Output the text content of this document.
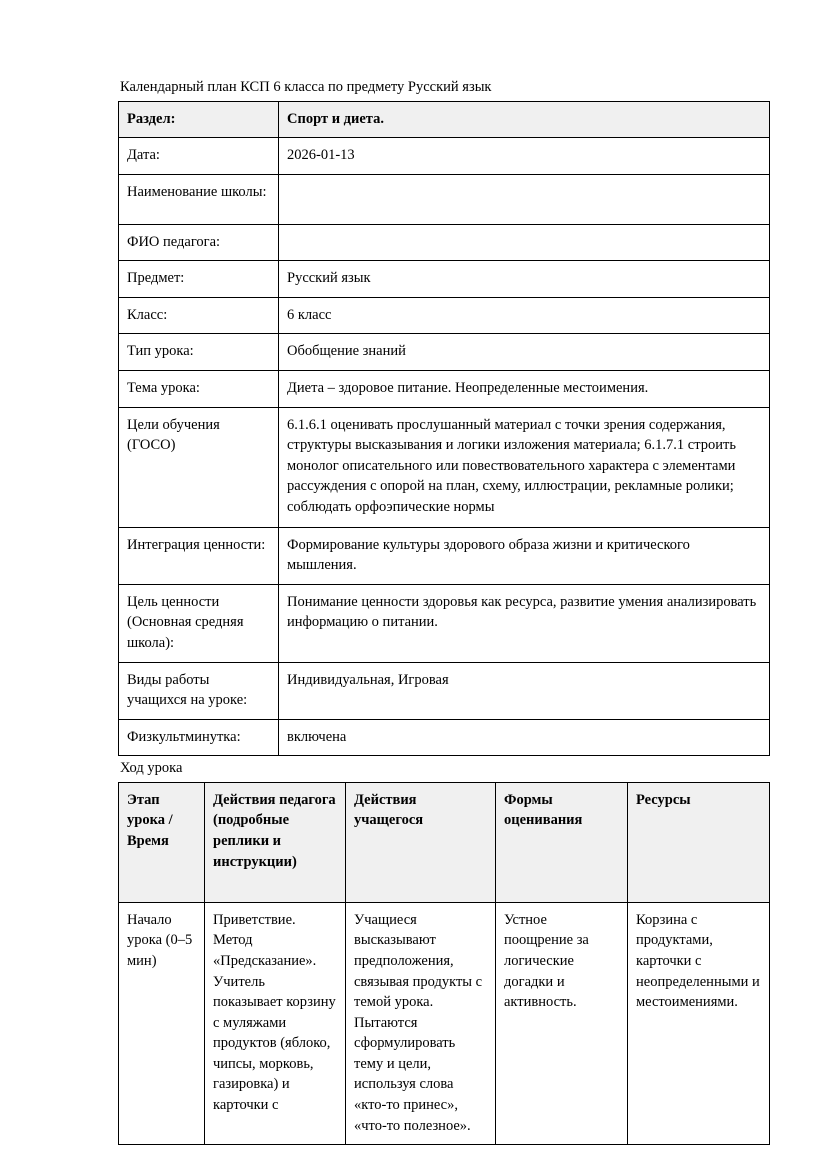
Календарный план КСП 6 класса по предмету Русский язык
Раздел:	Спорт и диета.
Дата:	2026-01-13
Наименование школы:	
ФИО педагога:	
Предмет:	Русский язык
Класс:	6 класс
Тип урока:	Обобщение знаний
Тема урока:	Диета – здоровое питание. Неопределенные местоимения.
Цели обучения (ГОСО)	6.1.6.1 оценивать прослушанный материал с точки зрения содержания, структуры высказывания и логики изложения материала; 6.1.7.1 строить монолог описательного или повествовательного характера с элементами рассуждения с опорой на план, схему, иллюстрации, рекламные ролики; соблюдать орфоэпические нормы
Интеграция ценности:	Формирование культуры здорового образа жизни и критического мышления.
Цель ценности (Основная средняя школа):	Понимание ценности здоровья как ресурса, развитие умения анализировать информацию о питании.
Виды работы учащихся на уроке:	Индивидуальная, Игровая
Физкультминутка:	включена
Ход урока
Этап урока / Время	Действия педагога (подробные реплики и инструкции)	Действия учащегося	Формы оценивания	Ресурсы
Начало урока (0–5 мин)	Приветствие. Метод «Предсказание». Учитель показывает корзину с муляжами продуктов (яблоко, чипсы, морковь, газировка) и карточки с	Учащиеся высказывают предположения, связывая продукты с темой урока. Пытаются сформулировать тему и цели, используя слова «кто-то принес», «что-то полезное».	Устное поощрение за логические догадки и активность.	Корзина с продуктами, карточки с неопределенными и местоимениями.
